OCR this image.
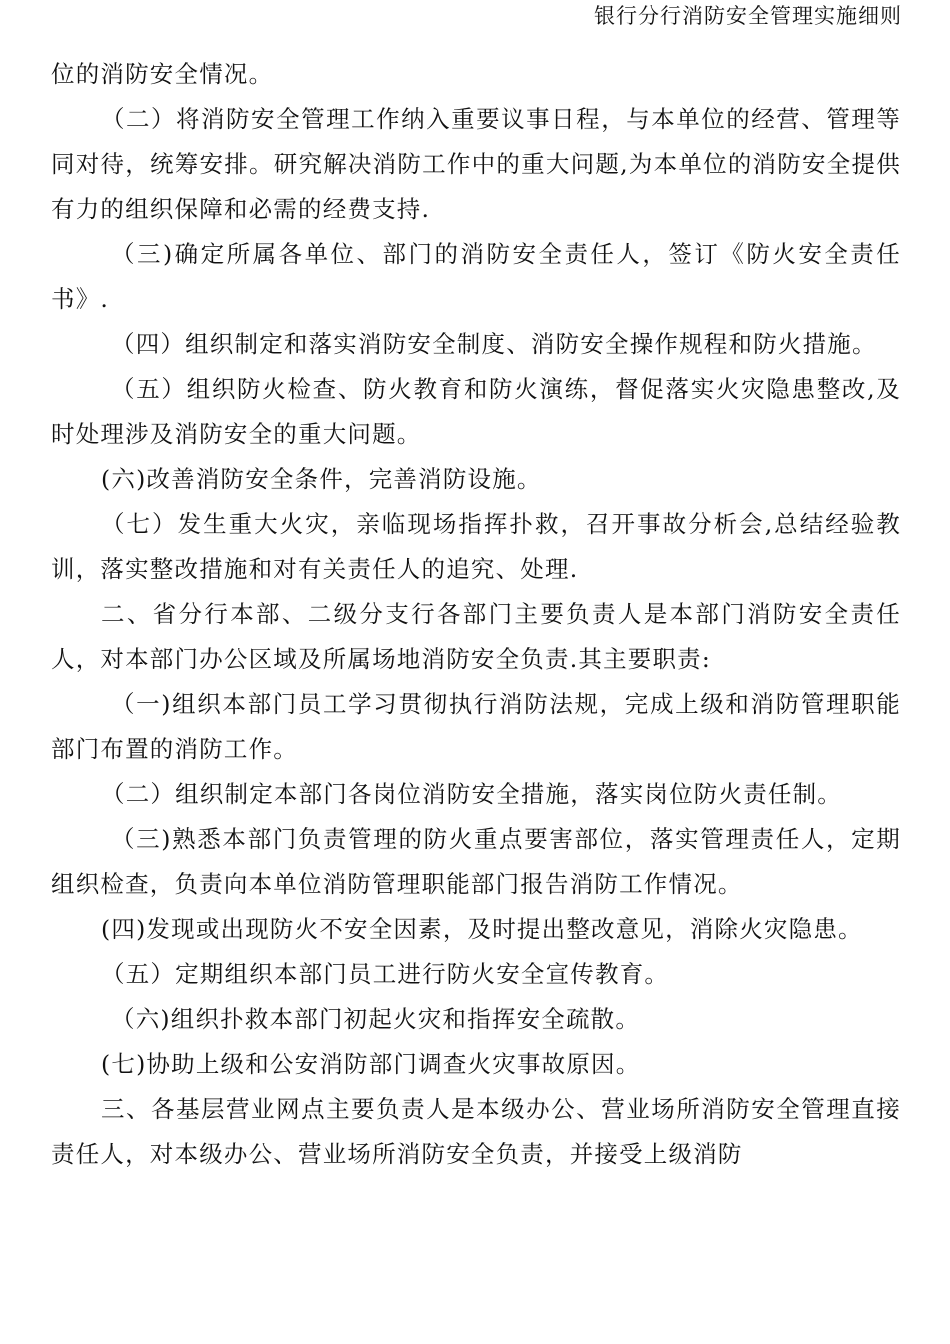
银行分行消防安全管理实施细则

位的消防安全情况。

（二）将消防安全管理工作纳入重要议事日程，与本单位的经营、管理等同对待，统筹安排。研究解决消防工作中的重大问题,为本单位的消防安全提供有力的组织保障和必需的经费支持.

（三)确定所属各单位、部门的消防安全责任人，签订《防火安全责任书》.

（四）组织制定和落实消防安全制度、消防安全操作规程和防火措施。

（五）组织防火检查、防火教育和防火演练，督促落实火灾隐患整改,及时处理涉及消防安全的重大问题。

(六)改善消防安全条件，完善消防设施。

（七）发生重大火灾，亲临现场指挥扑救，召开事故分析会,总结经验教训，落实整改措施和对有关责任人的追究、处理.

二、省分行本部、二级分支行各部门主要负责人是本部门消防安全责任人，对本部门办公区域及所属场地消防安全负责.其主要职责:

（一)组织本部门员工学习贯彻执行消防法规，完成上级和消防管理职能部门布置的消防工作。

（二）组织制定本部门各岗位消防安全措施，落实岗位防火责任制。

（三)熟悉本部门负责管理的防火重点要害部位，落实管理责任人，定期组织检查，负责向本单位消防管理职能部门报告消防工作情况。

(四)发现或出现防火不安全因素，及时提出整改意见，消除火灾隐患。

（五）定期组织本部门员工进行防火安全宣传教育。

（六)组织扑救本部门初起火灾和指挥安全疏散。

(七)协助上级和公安消防部门调查火灾事故原因。

三、各基层营业网点主要负责人是本级办公、营业场所消防安全管理直接责任人，对本级办公、营业场所消防安全负责，并接受上级消防
